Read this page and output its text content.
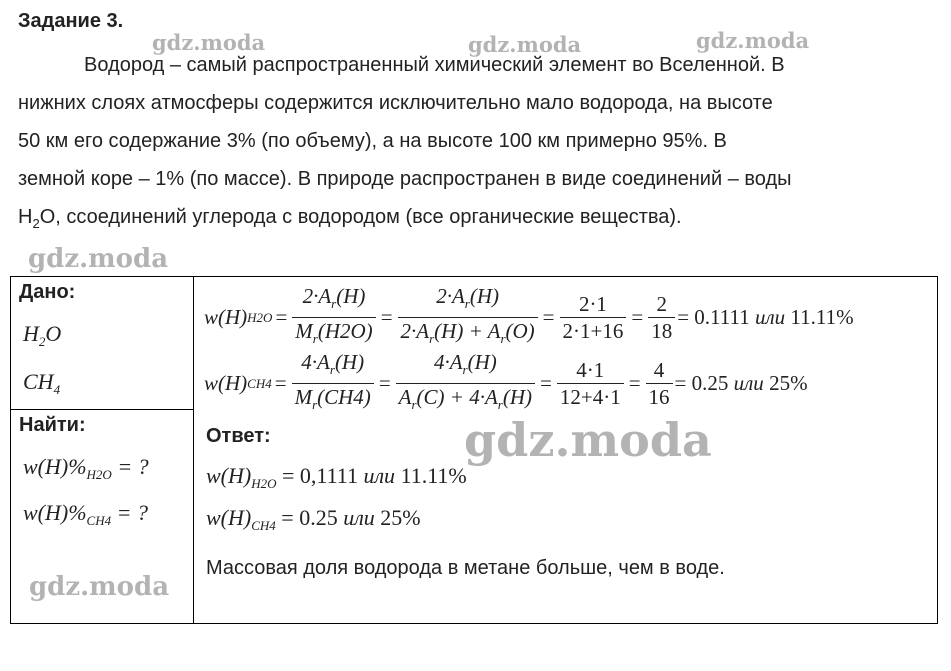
Задание 3.
gdz.moda	gdz.moda	gdz.moda

Водород – самый распространенный химический элемент во Вселенной. В

нижних слоях атмосферы содержится исключительно мало водорода, на высоте

50 км его содержание 3% (по объему), а на высоте 100 км примерно 95%. В

земной коре – 1% (по массе). В природе распространен в виде соединений – воды

$H_2O$, ссоединений углерода с водородом (все органические вещества).

gdz.moda
Дано:
$H_2O$
$CH_4$

w(H) $H2O = \frac{2\cdot A_r(H)}{M_r(H2O)} = \frac{2\cdot A_r(H)}{2\cdot A_r(H) + A_r(O)} = \frac{2\cdot 1}{2\cdot 1+16} = \frac{2}{18} = 0.1111$
или
11.11%
w(H) $CH4 = \frac{4\cdot A_r(H)}{M_r(CH4)} = \frac{4\cdot A_r(H)}{A_r(C) + 4\cdot A_r(H)} = \frac{4\cdot 1}{12+4\cdot 1} = \frac{4}{16} = 0.25$
или
25%
Ответ:	gdz.moda
$w(H)_{H2O} = 0,1111$ или 11.11%
$w(H)_{CH4} = 0.25$ или 25%
Массовая доля водорода в метане больше, чем в воде.

Найти:
$w(H)\%_{H2O}$ = ?
$w(H)\%_{CH4}$ = ?
gdz.moda
